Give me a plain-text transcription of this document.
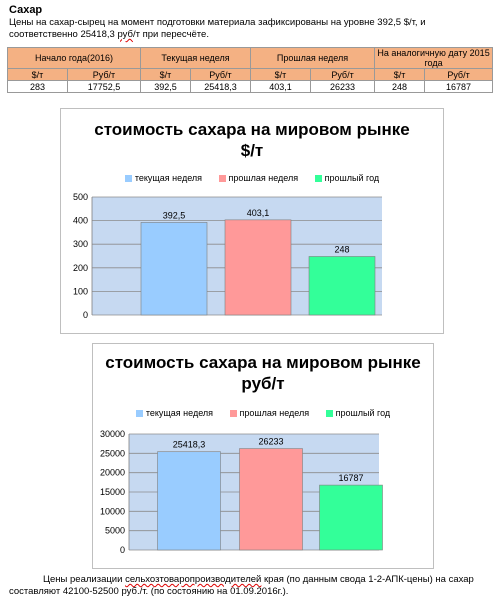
Сахар
Цены на сахар-сырец на момент подготовки материала зафиксированы на уровне 392,5 $/т, и соответственно 25418,3 руб/т при пересчёте.
Начало года(2016)		Текущая неделя		Прошлая неделя		На аналогичную дату 2015 года	
$/т	Руб/т	$/т	Руб/т	$/т	Руб/т	$/т	Руб/т
283	17752,5	392,5	25418,3	403,1	26233	248	16787
стоимость сахара на мировом рынке
$/т
текущая неделя	прошлая неделя	прошлый год
0
100
200
300
400
500
392,5	403,1
248
стоимость сахара на мировом рынке
руб/т
текущая неделя	прошлая неделя	прошлый год
0
5000
10000
15000
20000
25000
30000
25418,3	26233
16787
Цены реализации сельхозтоваропроизводителей края (по данным свода 1-2-АПК-цены) на сахар составляют 42100-52500 руб./т. (по состоянию на 01.09.2016г.).
